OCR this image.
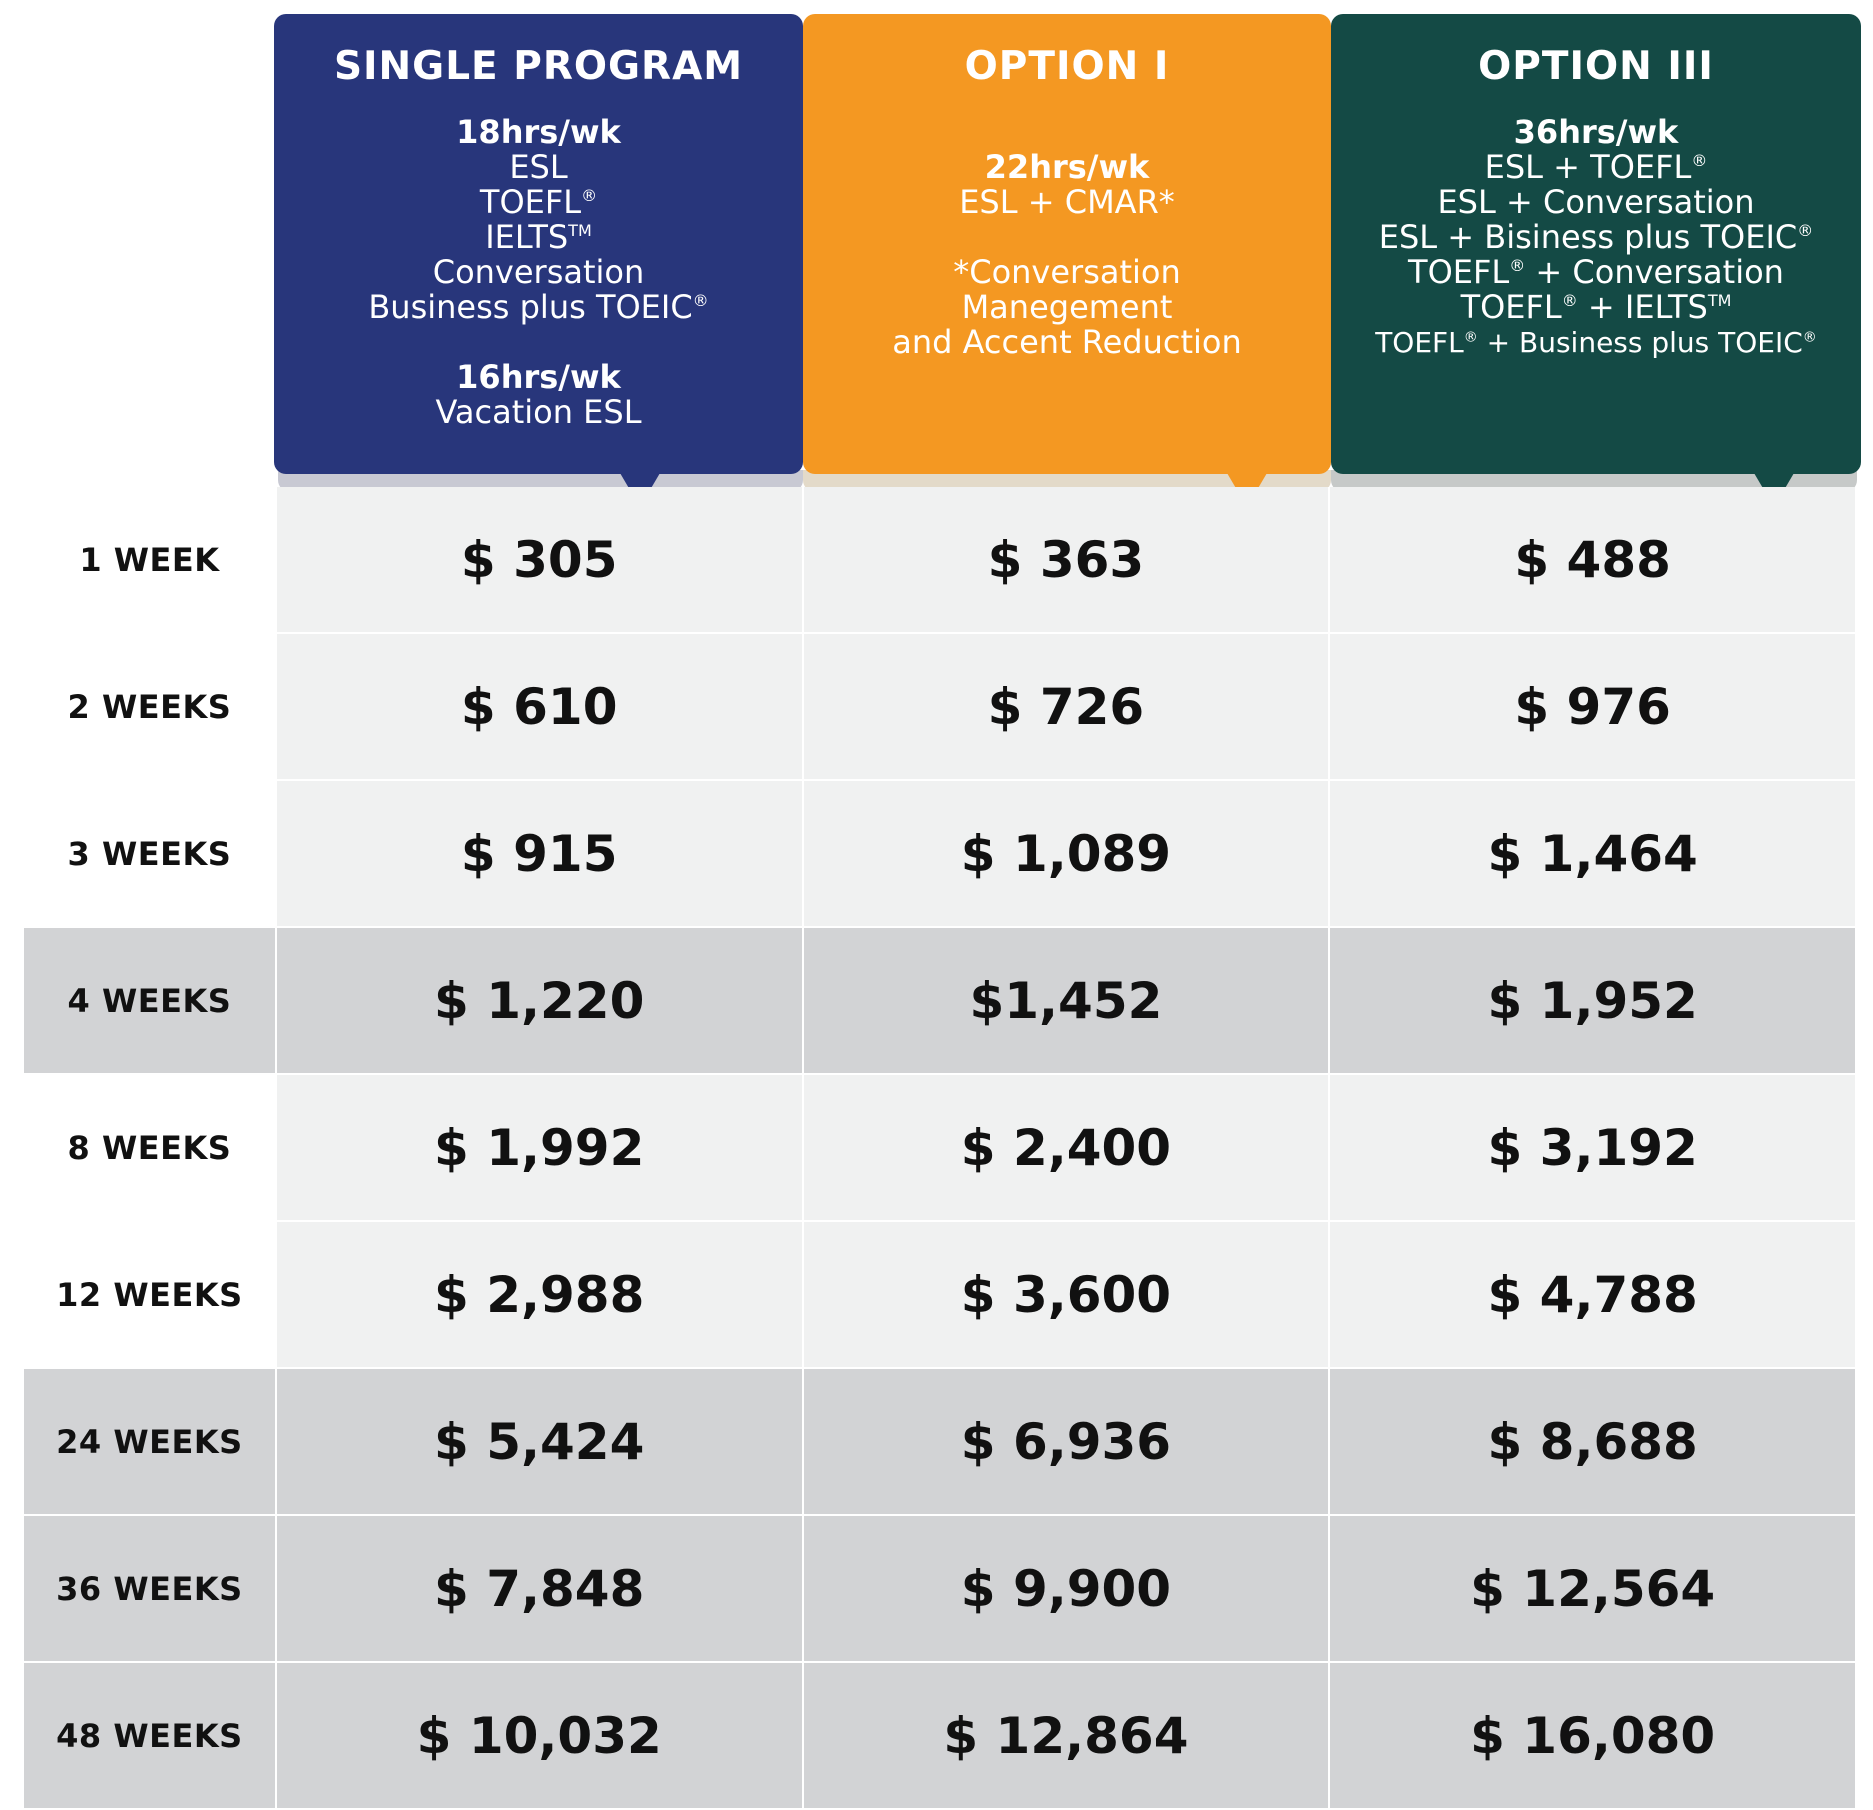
SINGLE PROGRAM
18hrs/wk
ESL
TOEFL®
IELTS™
Conversation
Business plus TOEIC®
16hrs/wk
Vacation ESL
OPTION I
22hrs/wk
ESL + CMAR*
*Conversation
Manegement
and Accent Reduction
OPTION III
36hrs/wk
ESL + TOEFL®
ESL + Conversation
ESL + Bisiness plus TOEIC®
TOEFL® + Conversation
TOEFL® + IELTS™
TOEFL® + Business plus TOEIC®
1 WEEK	$ 305	$ 363	$ 488
2 WEEKS	$ 610	$ 726	$ 976
3 WEEKS	$ 915	$ 1,089	$ 1,464
4 WEEKS	$ 1,220	$1,452	$ 1,952
8 WEEKS	$ 1,992	$ 2,400	$ 3,192
12 WEEKS	$ 2,988	$ 3,600	$ 4,788
24 WEEKS	$ 5,424	$ 6,936	$ 8,688
36 WEEKS	$ 7,848	$ 9,900	$ 12,564
48 WEEKS	$ 10,032	$ 12,864	$ 16,080
